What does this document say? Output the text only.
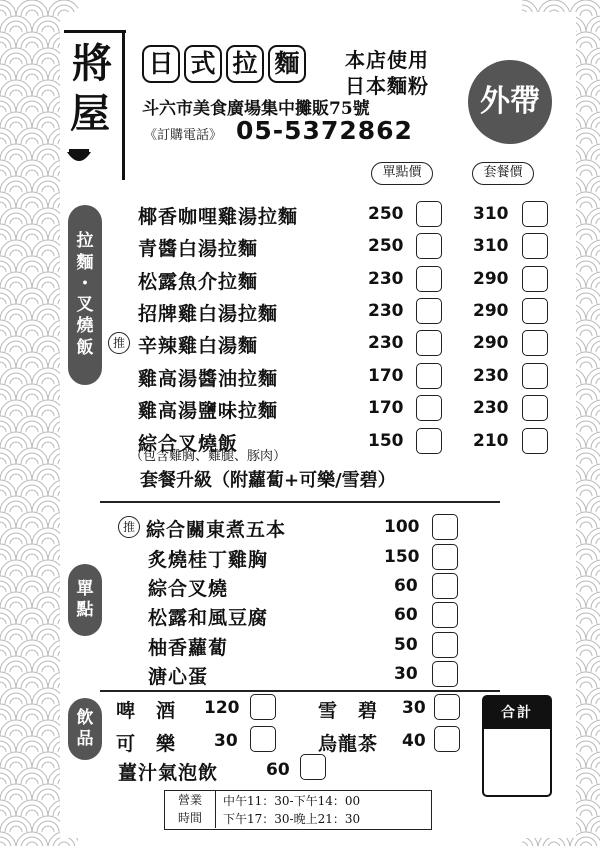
將
屋
日 式 拉 麵	本店使用
日本麵粉	外帶
斗六市美食廣場集中攤販75號
《訂購電話》 05-5372862
單點價	套餐價
拉
麵
・
叉
燒
飯
椰香咖哩雞湯拉麵	250	310
青醬白湯拉麵	250	310
松露魚介拉麵	230	290
招牌雞白湯拉麵	230	290
推 辛辣雞白湯麵	230	290
雞高湯醬油拉麵	170	230
雞高湯鹽味拉麵	170	230
綜合叉燒飯	150	210
（包含雞胸、雞腿、豚肉）
套餐升級（附蘿蔔+可樂/雪碧）
單
點
推 綜合關東煮五本	100
炙燒桂丁雞胸	150
綜合叉燒	60
松露和風豆腐	60
柚香蘿蔔	50
溏心蛋	30
飲
品
啤　酒 120	雪　碧 30
可　樂 30	烏龍茶 40
薑汁氣泡飲	60
合計
營業
時間
中午11：30-下午14：00
下午17：30-晚上21：30
